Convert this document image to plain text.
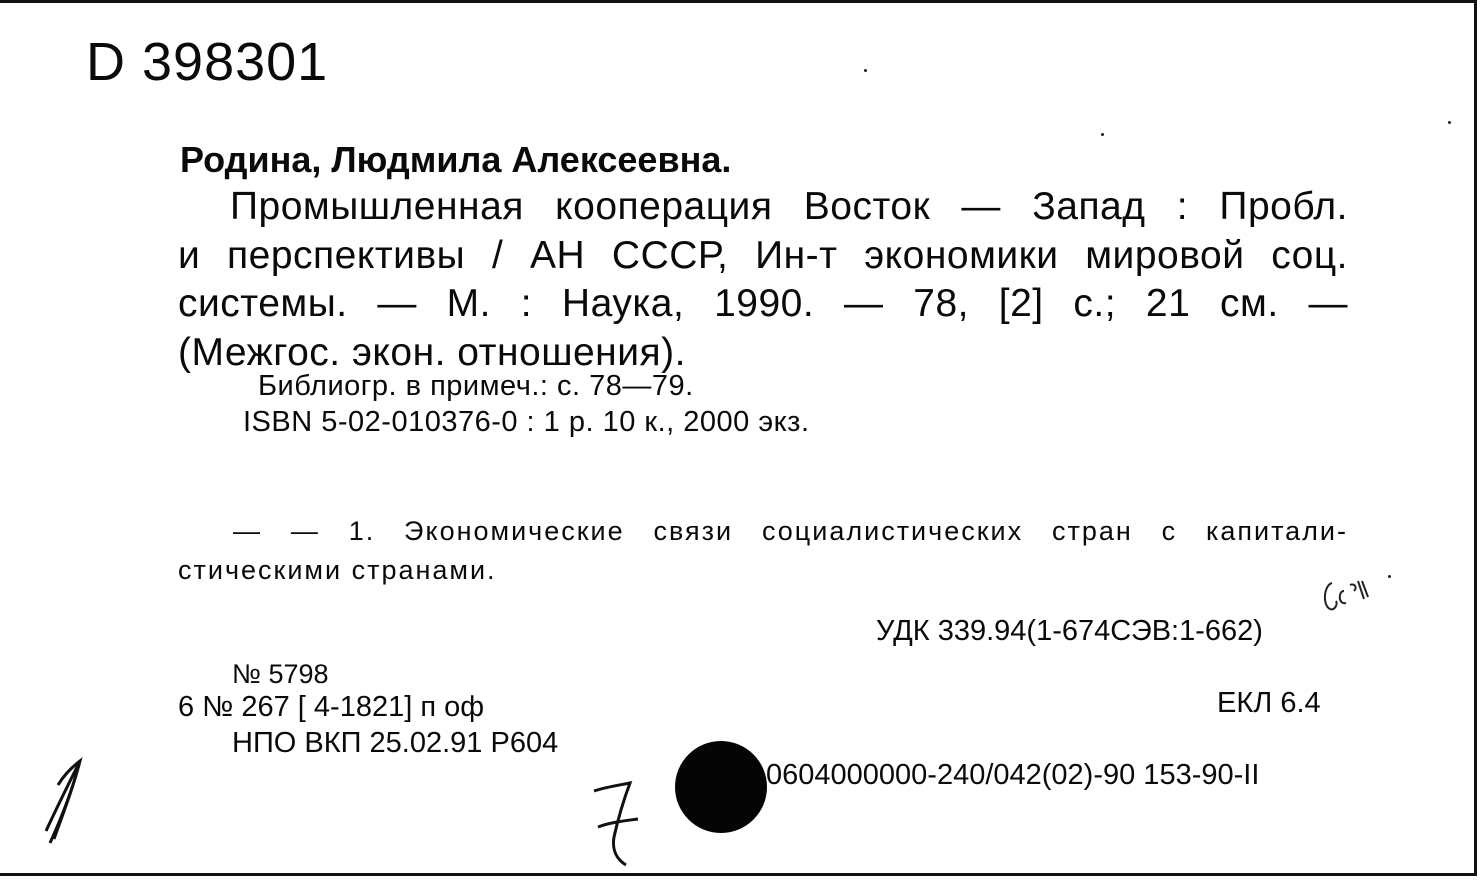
D 398301
Родина, Людмила Алексеевна.
Промышленная кооперация Восток — Запад : Пробл.
и перспективы / АН СССР, Ин-т экономики мировой соц.
системы. — М. : Наука, 1990. — 78, [2] с.; 21 см. —
(Межгос. экон. отношения).
Библиогр. в примеч.: с. 78—79.
ISBN 5-02-010376-0 : 1 р. 10 к., 2000 экз.
— — 1. Экономические связи социалистических стран с капитали-
стическими странами.
УДК 339.94(1-674СЭВ:1-662)
№ 5798
6 № 267 [ 4-1821] п оф	ЕКЛ 6.4
НПО ВКП 25.02.91 Р604
0604000000-240/042(02)-90 153-90-II
